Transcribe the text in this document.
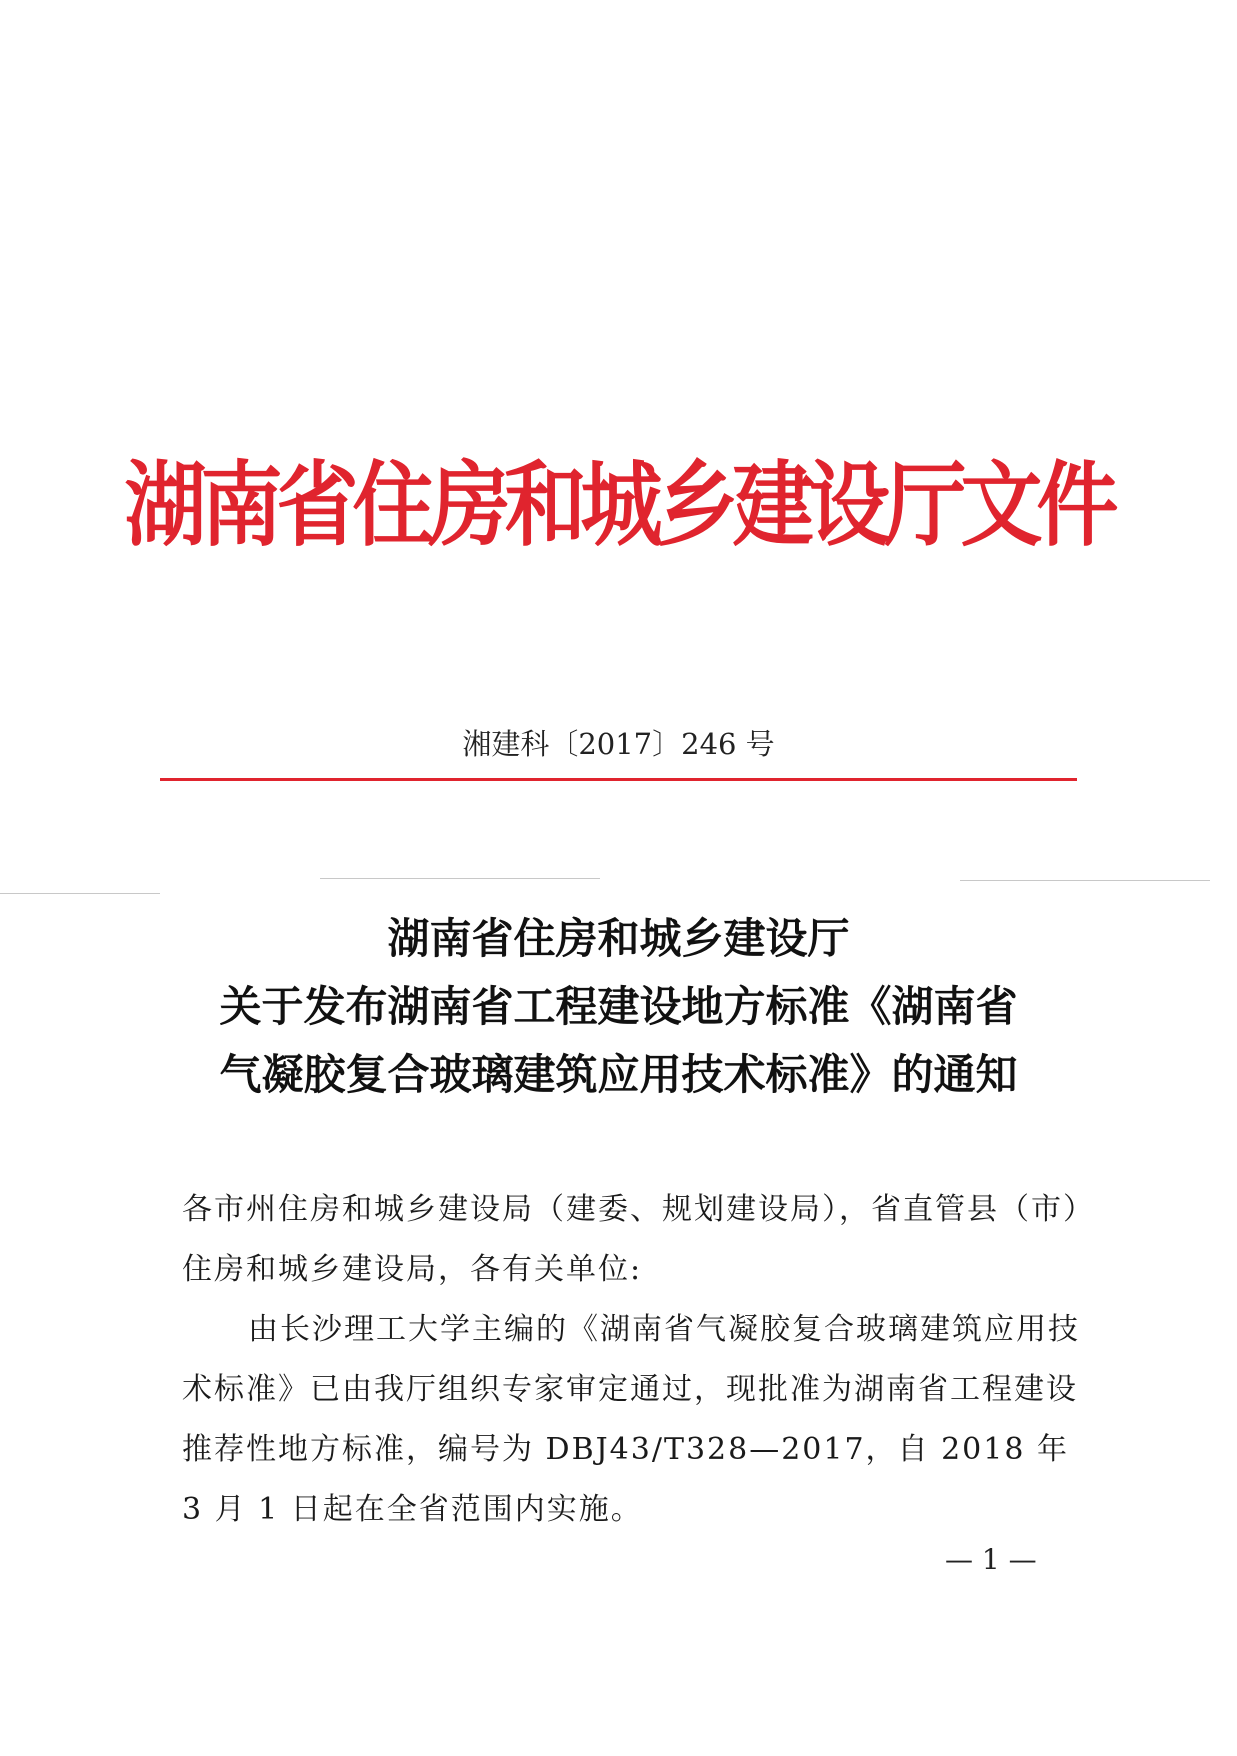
湖南省住房和城乡建设厅文件
湘建科〔2017〕246 号
湖南省住房和城乡建设厅
关于发布湖南省工程建设地方标准《湖南省
气凝胶复合玻璃建筑应用技术标准》的通知

各市州住房和城乡建设局（建委、规划建设局），省直管县（市）住房和城乡建设局，各有关单位:

由长沙理工大学主编的《湖南省气凝胶复合玻璃建筑应用技术标准》已由我厅组织专家审定通过，现批准为湖南省工程建设推荐性地方标准，编号为 DBJ43/T328—2017，自 2018 年 3 月 1 日起在全省范围内实施。

— 1 —
